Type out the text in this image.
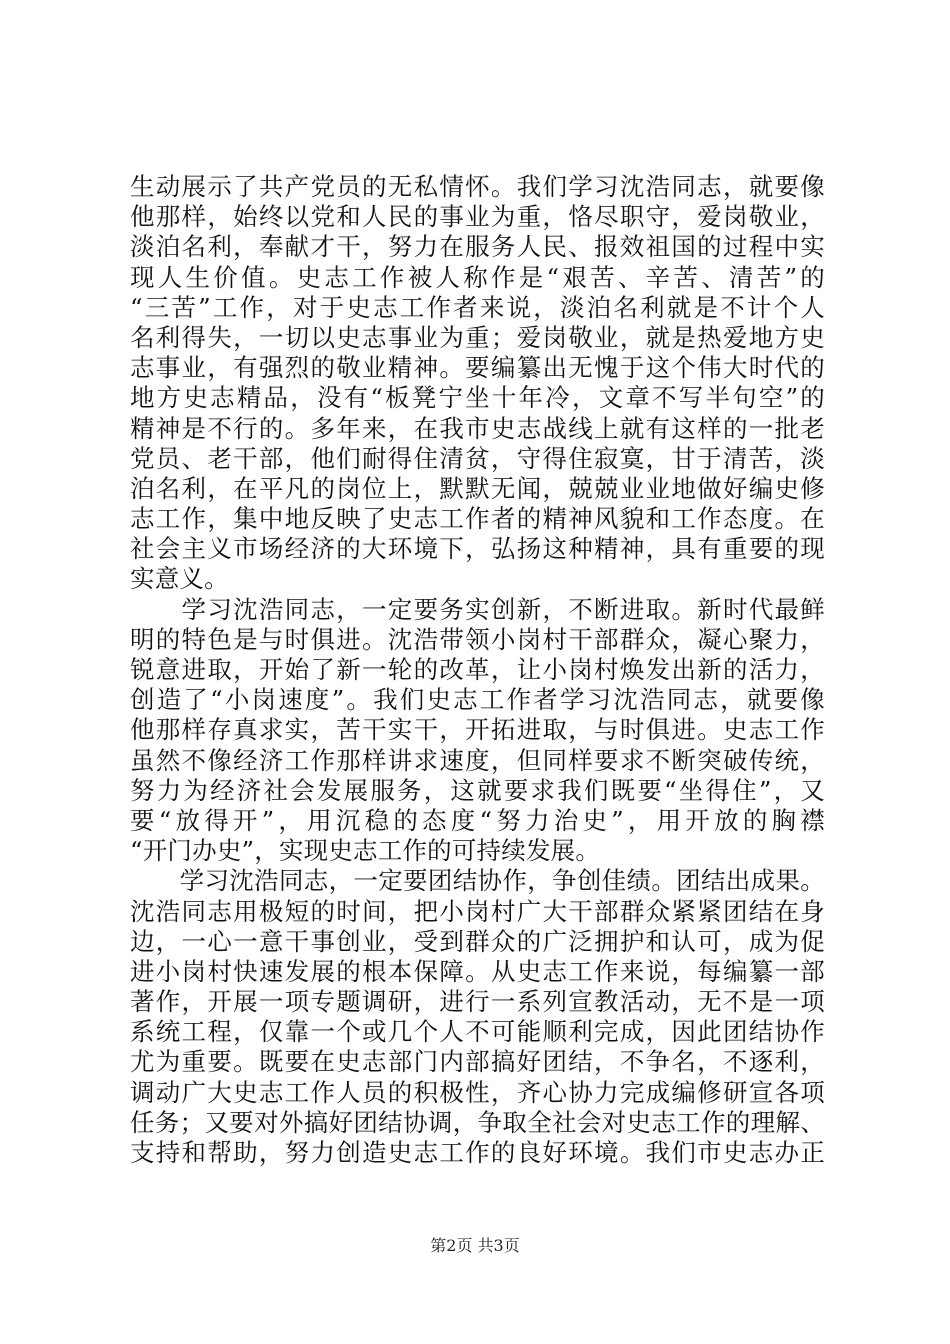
生动展示了共产党员的无私情怀。我们学习沈浩同志，就要像
他那样，始终以党和人民的事业为重，恪尽职守，爱岗敬业，
淡泊名利，奉献才干，努力在服务人民、报效祖国的过程中实
现人生价值。史志工作被人称作是“艰苦、辛苦、清苦”的
“三苦”工作，对于史志工作者来说，淡泊名利就是不计个人
名利得失，一切以史志事业为重；爱岗敬业，就是热爱地方史
志事业，有强烈的敬业精神。要编纂出无愧于这个伟大时代的
地方史志精品，没有“板凳宁坐十年冷，文章不写半句空”的
精神是不行的。多年来，在我市史志战线上就有这样的一批老
党员、老干部，他们耐得住清贫，守得住寂寞，甘于清苦，淡
泊名利，在平凡的岗位上，默默无闻，兢兢业业地做好编史修
志工作，集中地反映了史志工作者的精神风貌和工作态度。在
社会主义市场经济的大环境下，弘扬这种精神，具有重要的现
实意义。
　　学习沈浩同志，一定要务实创新，不断进取。新时代最鲜
明的特色是与时俱进。沈浩带领小岗村干部群众，凝心聚力，
锐意进取，开始了新一轮的改革，让小岗村焕发出新的活力，
创造了“小岗速度”。我们史志工作者学习沈浩同志，就要像
他那样存真求实，苦干实干，开拓进取，与时俱进。史志工作
虽然不像经济工作那样讲求速度，但同样要求不断突破传统，
努力为经济社会发展服务，这就要求我们既要“坐得住”，又
要“放得开”，用沉稳的态度“努力治史”，用开放的胸襟
“开门办史”，实现史志工作的可持续发展。
　　学习沈浩同志，一定要团结协作，争创佳绩。团结出成果。
沈浩同志用极短的时间，把小岗村广大干部群众紧紧团结在身
边，一心一意干事创业，受到群众的广泛拥护和认可，成为促
进小岗村快速发展的根本保障。从史志工作来说，每编纂一部
著作，开展一项专题调研，进行一系列宣教活动，无不是一项
系统工程，仅靠一个或几个人不可能顺利完成，因此团结协作
尤为重要。既要在史志部门内部搞好团结，不争名，不逐利，
调动广大史志工作人员的积极性，齐心协力完成编修研宣各项
任务；又要对外搞好团结协调，争取全社会对史志工作的理解、
支持和帮助，努力创造史志工作的良好环境。我们市史志办正
第2页 共3页
